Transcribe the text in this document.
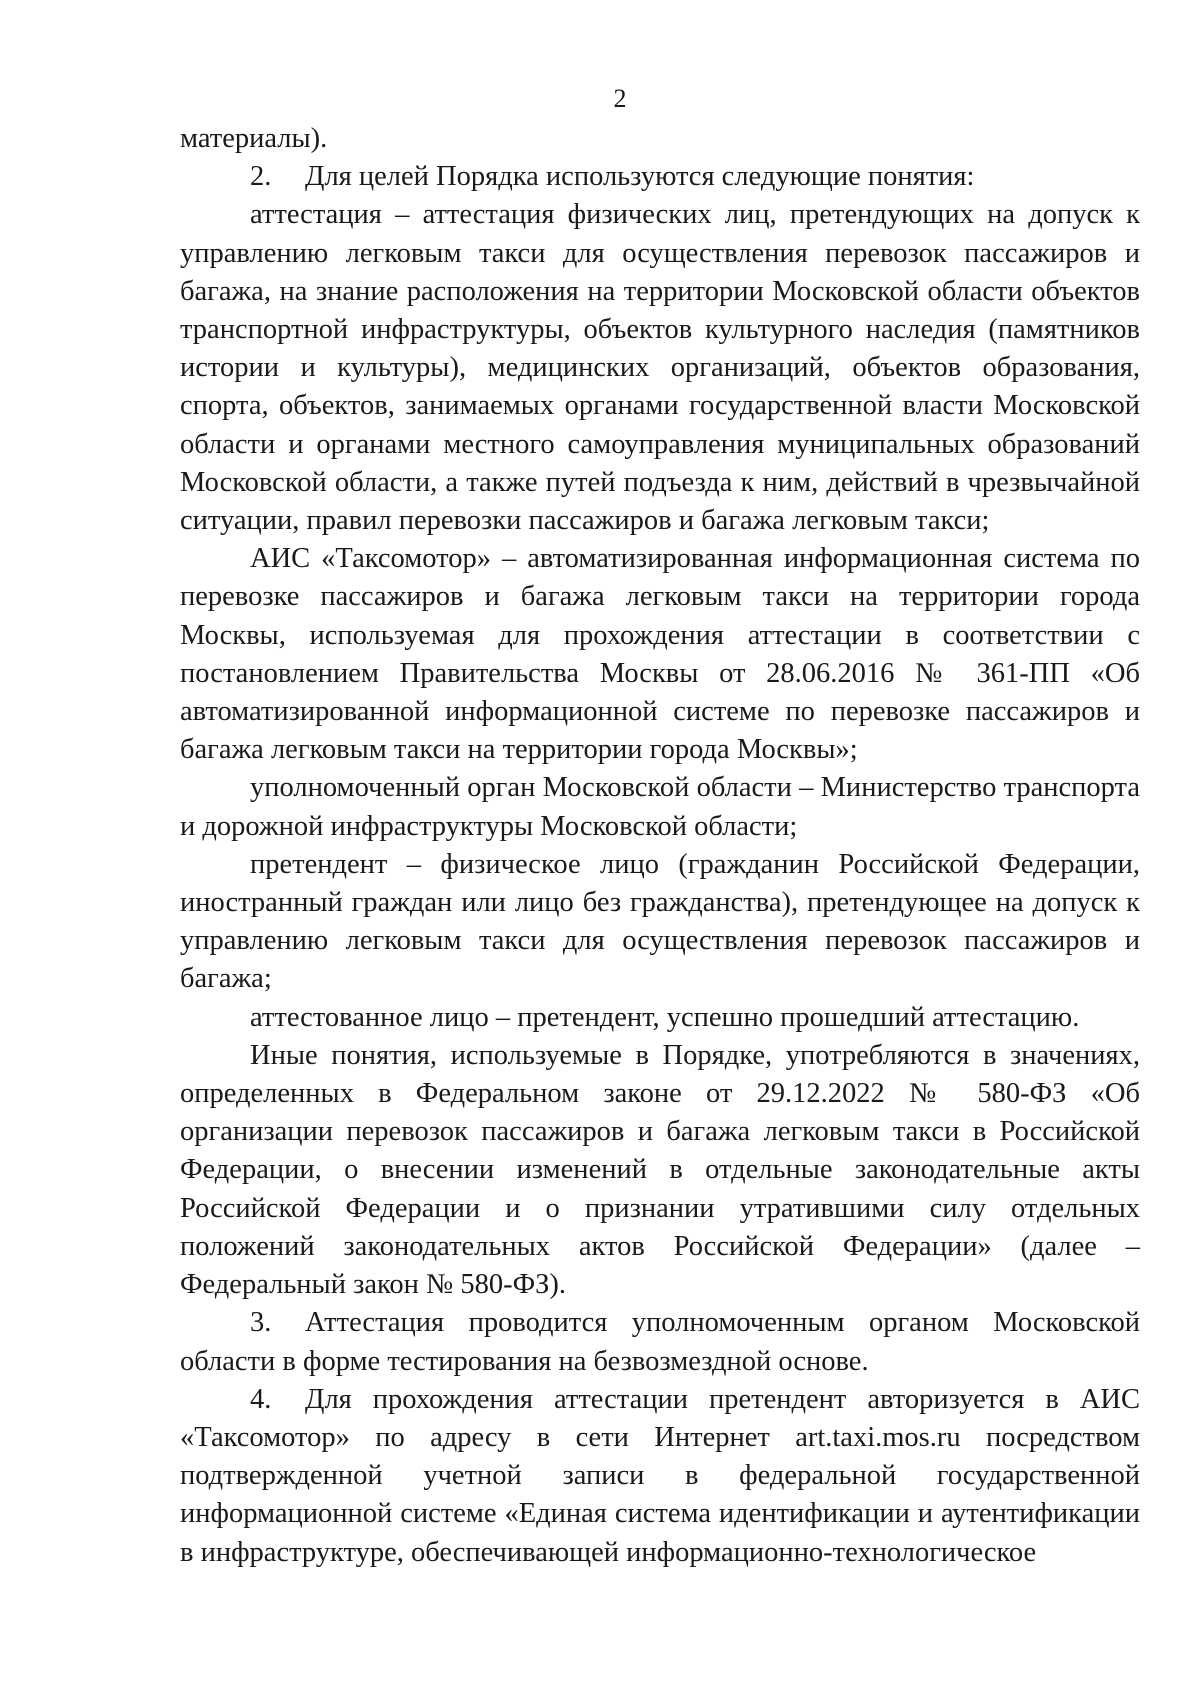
2

материалы).

2. Для целей Порядка используются следующие понятия:

аттестация – аттестация физических лиц, претендующих на допуск к управлению легковым такси для осуществления перевозок пассажиров и багажа, на знание расположения на территории Московской области объектов транспортной инфраструктуры, объектов культурного наследия (памятников истории и культуры), медицинских организаций, объектов образования, спорта, объектов, занимаемых органами государственной власти Московской области и органами местного самоуправления муниципальных образований Московской области, а также путей подъезда к ним, действий в чрезвычайной ситуации, правил перевозки пассажиров и багажа легковым такси;

АИС «Таксомотор» – автоматизированная информационная система по перевозке пассажиров и багажа легковым такси на территории города Москвы, используемая для прохождения аттестации в соответствии с постановлением Правительства Москвы от 28.06.2016 № 361-ПП «Об автоматизированной информационной системе по перевозке пассажиров и багажа легковым такси на территории города Москвы»;

уполномоченный орган Московской области – Министерство транспорта и дорожной инфраструктуры Московской области;

претендент – физическое лицо (гражданин Российской Федерации, иностранный граждан или лицо без гражданства), претендующее на допуск к управлению легковым такси для осуществления перевозок пассажиров и багажа;

аттестованное лицо – претендент, успешно прошедший аттестацию.

Иные понятия, используемые в Порядке, употребляются в значениях, определенных в Федеральном законе от 29.12.2022 № 580-ФЗ «Об организации перевозок пассажиров и багажа легковым такси в Российской Федерации, о внесении изменений в отдельные законодательные акты Российской Федерации и о признании утратившими силу отдельных положений законодательных актов Российской Федерации» (далее – Федеральный закон № 580-ФЗ).

3. Аттестация проводится уполномоченным органом Московской области в форме тестирования на безвозмездной основе.

4. Для прохождения аттестации претендент авторизуется в АИС «Таксомотор» по адресу в сети Интернет art.taxi.mos.ru посредством подтвержденной учетной записи в федеральной государственной информационной системе «Единая система идентификации и аутентификации в инфраструктуре, обеспечивающей информационно-технологическое
